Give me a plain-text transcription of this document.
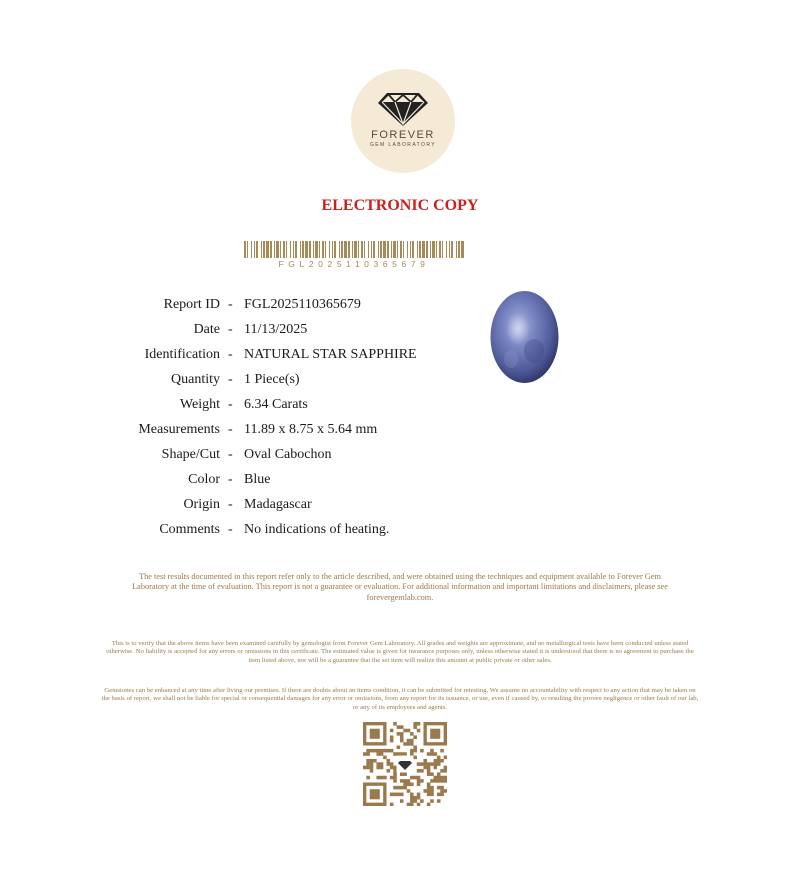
FOREVER
GEM LABORATORY
ELECTRONIC COPY
FGL2025110365679
Report ID - FGL2025110365679
Date - 11/13/2025
Identification - NATURAL STAR SAPPHIRE
Quantity - 1 Piece(s)
Weight - 6.34 Carats
Measurements - 11.89 x 8.75 x 5.64 mm
Shape/Cut - Oval Cabochon
Color - Blue
Origin - Madagascar
Comments - No indications of heating.
The test results documented in this report refer only to the article described, and were obtained using the techniques and equipment available to Forever Gem Laboratory at the time of evaluation. This report is not a guarantee or evaluation. For additional information and important limitations and disclaimers, please see forevergemlab.com.
This is to verify that the above items have been examined carefully by gemologist from Forever Gem Laboratory. All grades and weights are approximate, and no metallurgical tests have been conducted unless stated otherwise. No liability is accepted for any errors or omissions in this certificate. The estimated value is given for insurance purposes only, unless otherwise stated it is understood that there is no agreement to purchase the item listed above, nor will be a guarantee that the set item will realize this amount at public private or other sales.
Gemstones can be enhanced at any time after living our premises. If there are doubts about an items condition, it can be submitted for retesting. We assume no accountability with respect to any action that may be taken on the basis of report, we shall not be liable for special or consequential damages for any error or omissions, from any report for its issuance, or use, even if caused by, or resulting the proven negligence or other fault of our lab, or any of its employees and agents.
